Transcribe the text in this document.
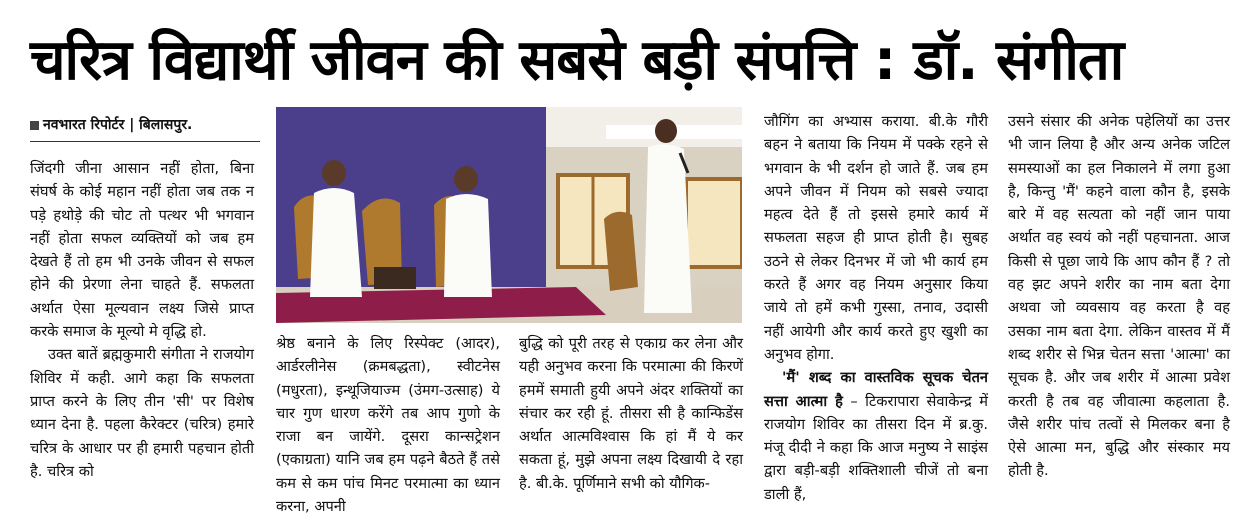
चरित्र विद्यार्थी जीवन की सबसे बड़ी संपत्ति : डॉ. संगीता
नवभारत रिपोर्टर | बिलासपुर.

जिंदगी जीना आसान नहीं होता, बिना संघर्ष के कोई महान नहीं होता जब तक न पड़े हथोड़े की चोट तो पत्थर भी भगवान नहीं होता सफल व्यक्तियों को जब हम देखते हैं तो हम भी उनके जीवन से सफल होने की प्रेरणा लेना चाहते हैं. सफलता अर्थात ऐसा मूल्यवान लक्ष्य जिसे प्राप्त करके समाज के मूल्यो मे वृद्धि हो.

उक्त बातें ब्रह्मकुमारी संगीता ने राजयोग शिविर में कही. आगे कहा कि सफलता प्राप्त करने के लिए तीन 'सी' पर विशेष ध्यान देना है. पहला कैरेक्टर (चरित्र) हमारे चरित्र के आधार पर ही हमारी पहचान होती है. चरित्र को

श्रेष्ठ बनाने के लिए रिस्पेक्ट (आदर), आर्डरलीनेस (क्रमबद्धता), स्वीटनेस (मधुरता), इन्थूजियाज्म (उंमग-उत्साह) ये चार गुण धारण करेंगे तब आप गुणो के राजा बन जायेंगे. दूसरा कान्सट्रेशन (एकाग्रता) यानि जब हम पढ़ने बैठते हैं तसे कम से कम पांच मिनट परमात्मा का ध्यान करना, अपनी

बुद्धि को पूरी तरह से एकाग्र कर लेना और यही अनुभव करना कि परमात्मा की किरणें हममें समाती हुयी अपने अंदर शक्तियों का संचार कर रही हूं. तीसरा सी है कान्फिडेंस अर्थात आत्मविश्वास कि हां मैं ये कर सकता हूं, मुझे अपना लक्ष्य दिखायी दे रहा है. बी.के. पूर्णिमाने सभी को यौगिक-

जौगिंग का अभ्यास कराया. बी.के गौरी बहन ने बताया कि नियम में पक्के रहने से भगवान के भी दर्शन हो जाते हैं. जब हम अपने जीवन में नियम को सबसे ज्यादा महत्व देते हैं तो इससे हमारे कार्य में सफलता सहज ही प्राप्त होती है। सुबह उठने से लेकर दिनभर में जो भी कार्य हम करते हैं अगर वह नियम अनुसार किया जाये तो हमें कभी गुस्सा, तनाव, उदासी नहीं आयेगी और कार्य करते हुए खुशी का अनुभव होगा.

'मैं' शब्द का वास्तविक सूचक चेतन सत्ता आत्मा है – टिकरापारा सेवाकेन्द्र में राजयोग शिविर का तीसरा दिन में ब्र.कु. मंजू दीदी ने कहा कि आज मनुष्य ने साइंस द्वारा बड़ी-बड़ी शक्तिशाली चीजें तो बना डाली हैं,

उसने संसार की अनेक पहेलियों का उत्तर भी जान लिया है और अन्य अनेक जटिल समस्याओं का हल निकालने में लगा हुआ है, किन्तु 'मैं' कहने वाला कौन है, इसके बारे में वह सत्यता को नहीं जान पाया अर्थात वह स्वयं को नहीं पहचानता. आज किसी से पूछा जाये कि आप कौन हैं ? तो वह झट अपने शरीर का नाम बता देगा अथवा जो व्यवसाय वह करता है वह उसका नाम बता देगा. लेकिन वास्तव में मैं शब्द शरीर से भिन्न चेतन सत्ता 'आत्मा' का सूचक है. और जब शरीर में आत्मा प्रवेश करती है तब वह जीवात्मा कहलाता है. जैसे शरीर पांच तत्वों से मिलकर बना है ऐसे आत्मा मन, बुद्धि और संस्कार मय होती है.
